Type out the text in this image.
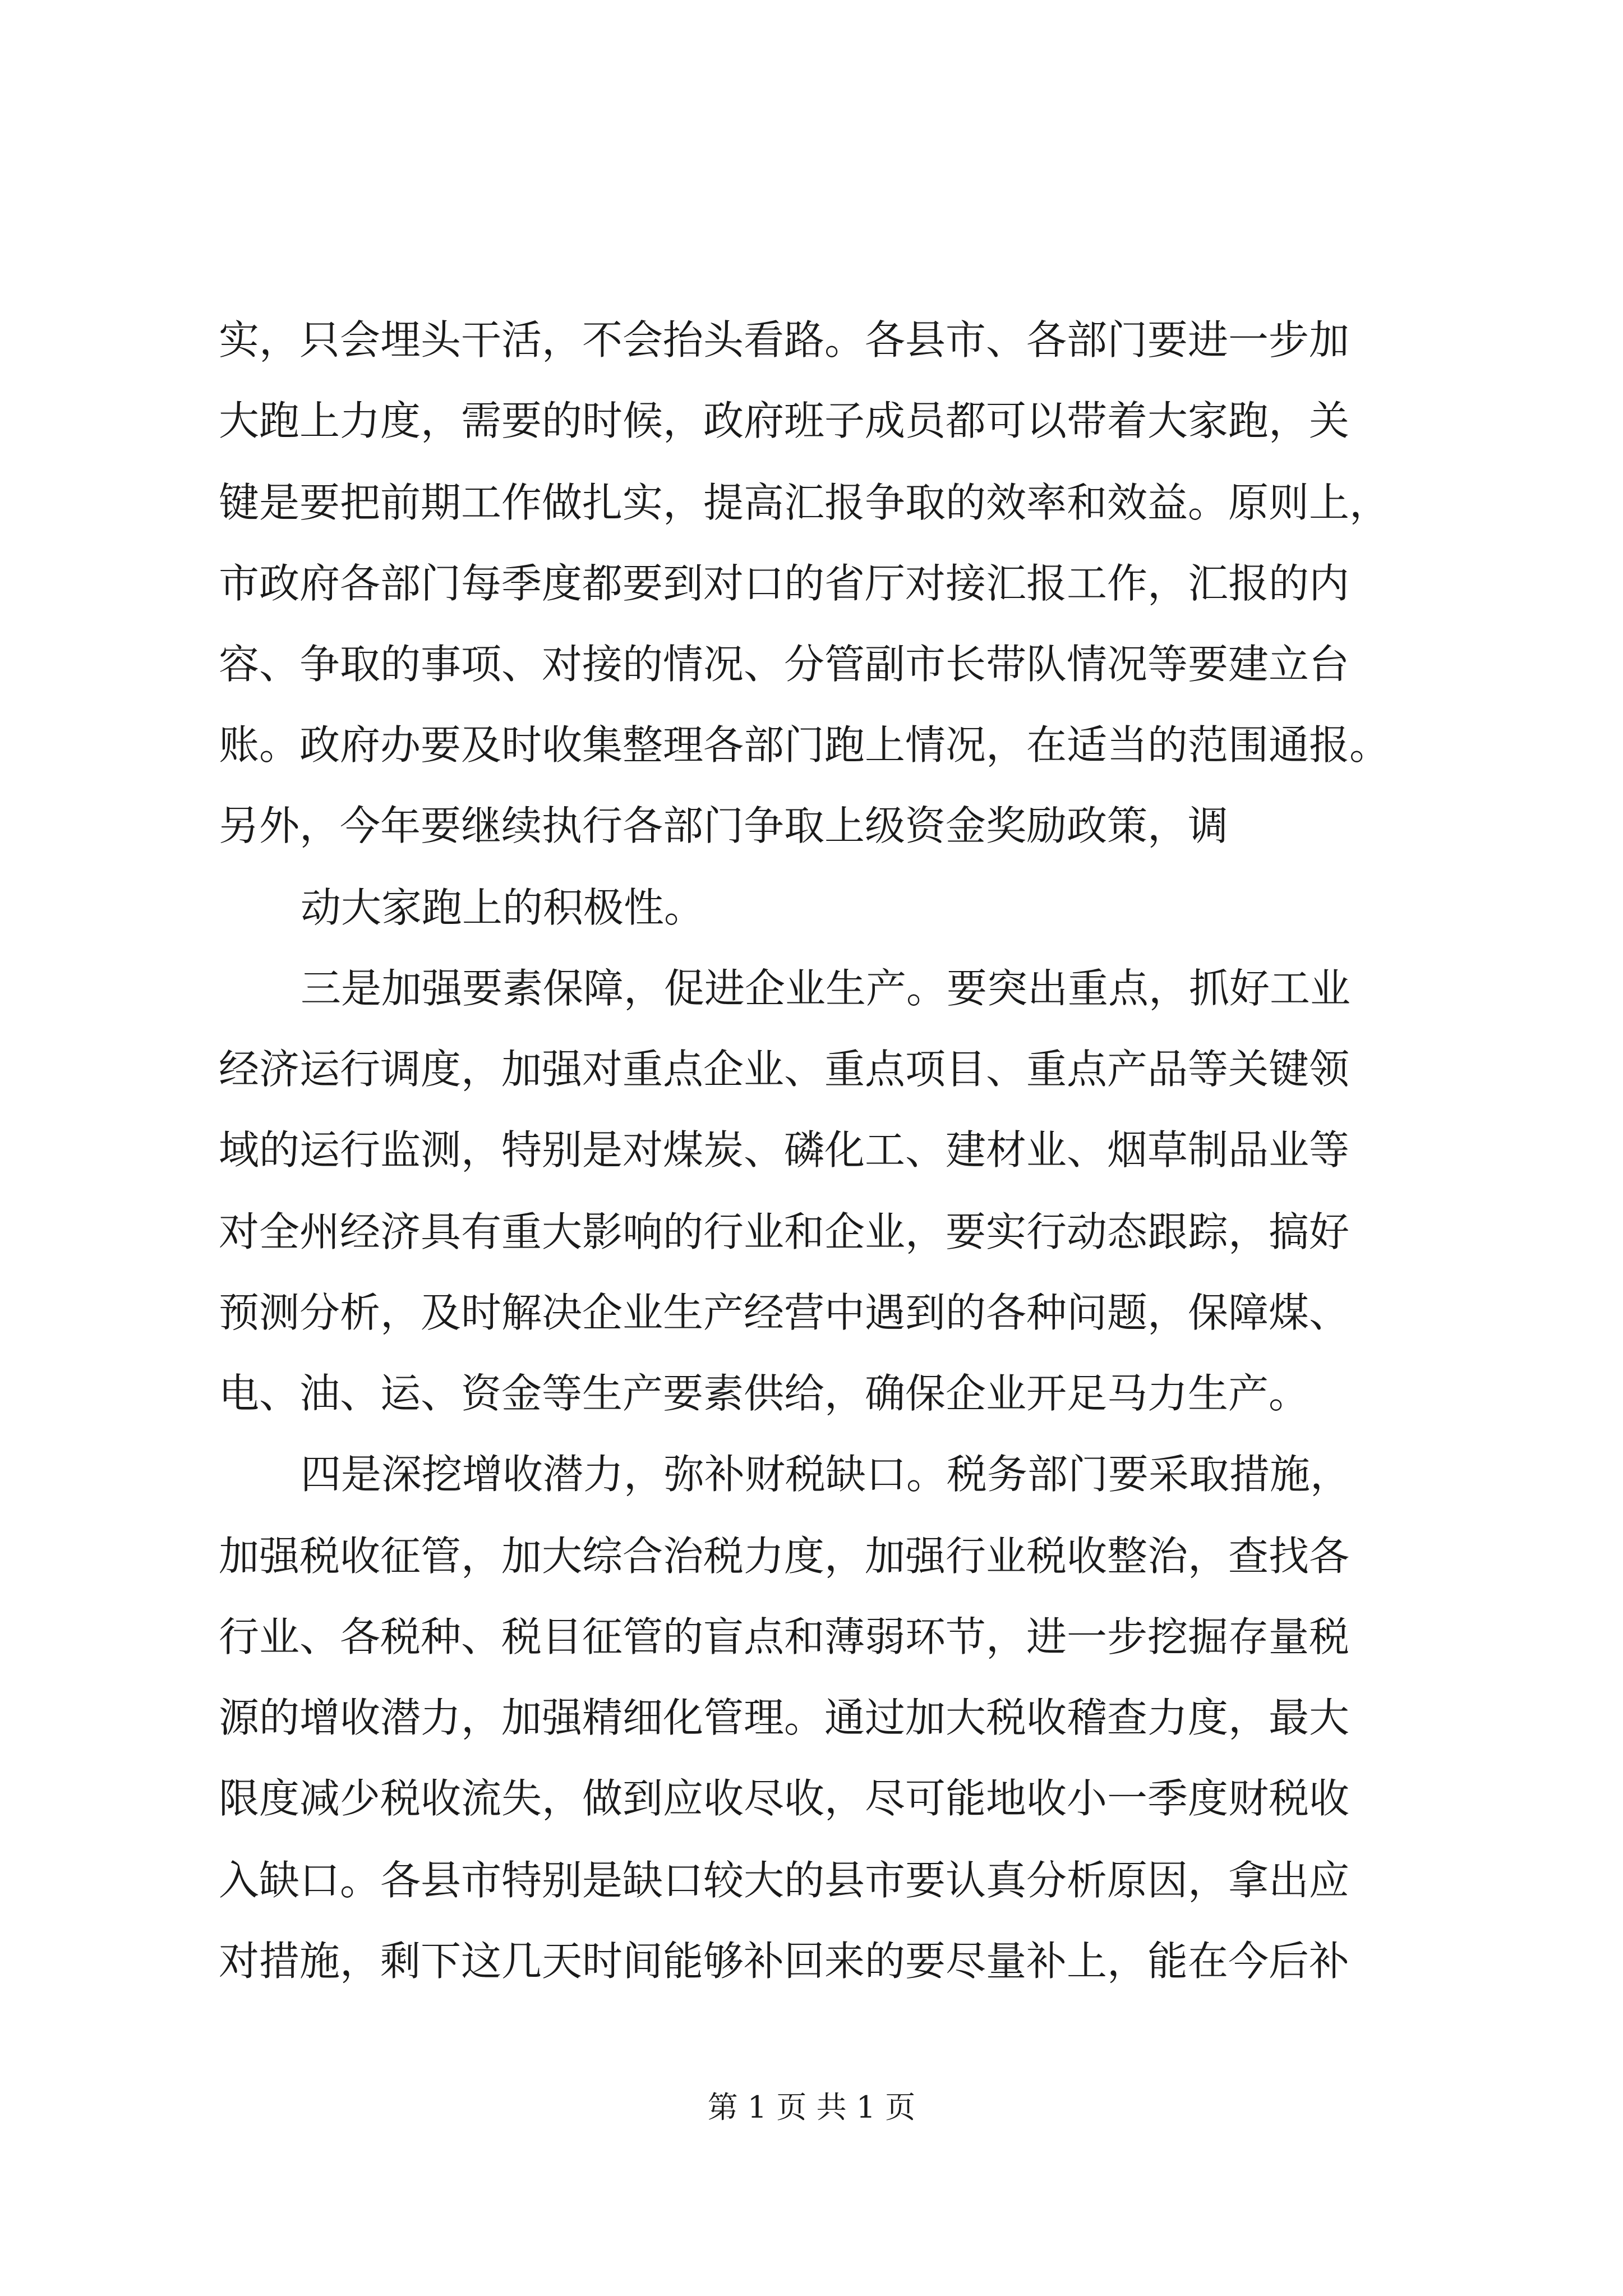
实，只会埋头干活，不会抬头看路。各县市、各部门要进一步加
大跑上力度，需要的时候，政府班子成员都可以带着大家跑，关
键是要把前期工作做扎实，提高汇报争取的效率和效益。原则上，
市政府各部门每季度都要到对口的省厅对接汇报工作，汇报的内
容、争取的事项、对接的情况、分管副市长带队情况等要建立台
账。政府办要及时收集整理各部门跑上情况，在适当的范围通报。
另外，今年要继续执行各部门争取上级资金奖励政策，调
动大家跑上的积极性。
三是加强要素保障，促进企业生产。要突出重点，抓好工业
经济运行调度，加强对重点企业、重点项目、重点产品等关键领
域的运行监测，特别是对煤炭、磷化工、建材业、烟草制品业等
对全州经济具有重大影响的行业和企业，要实行动态跟踪，搞好
预测分析，及时解决企业生产经营中遇到的各种问题，保障煤、
电、油、运、资金等生产要素供给，确保企业开足马力生产。
四是深挖增收潜力，弥补财税缺口。税务部门要采取措施，
加强税收征管，加大综合治税力度，加强行业税收整治，查找各
行业、各税种、税目征管的盲点和薄弱环节，进一步挖掘存量税
源的增收潜力，加强精细化管理。通过加大税收稽查力度，最大
限度减少税收流失，做到应收尽收，尽可能地收小一季度财税收
入缺口。各县市特别是缺口较大的县市要认真分析原因，拿出应
对措施，剩下这几天时间能够补回来的要尽量补上，能在今后补
第 1 页 共 1 页
